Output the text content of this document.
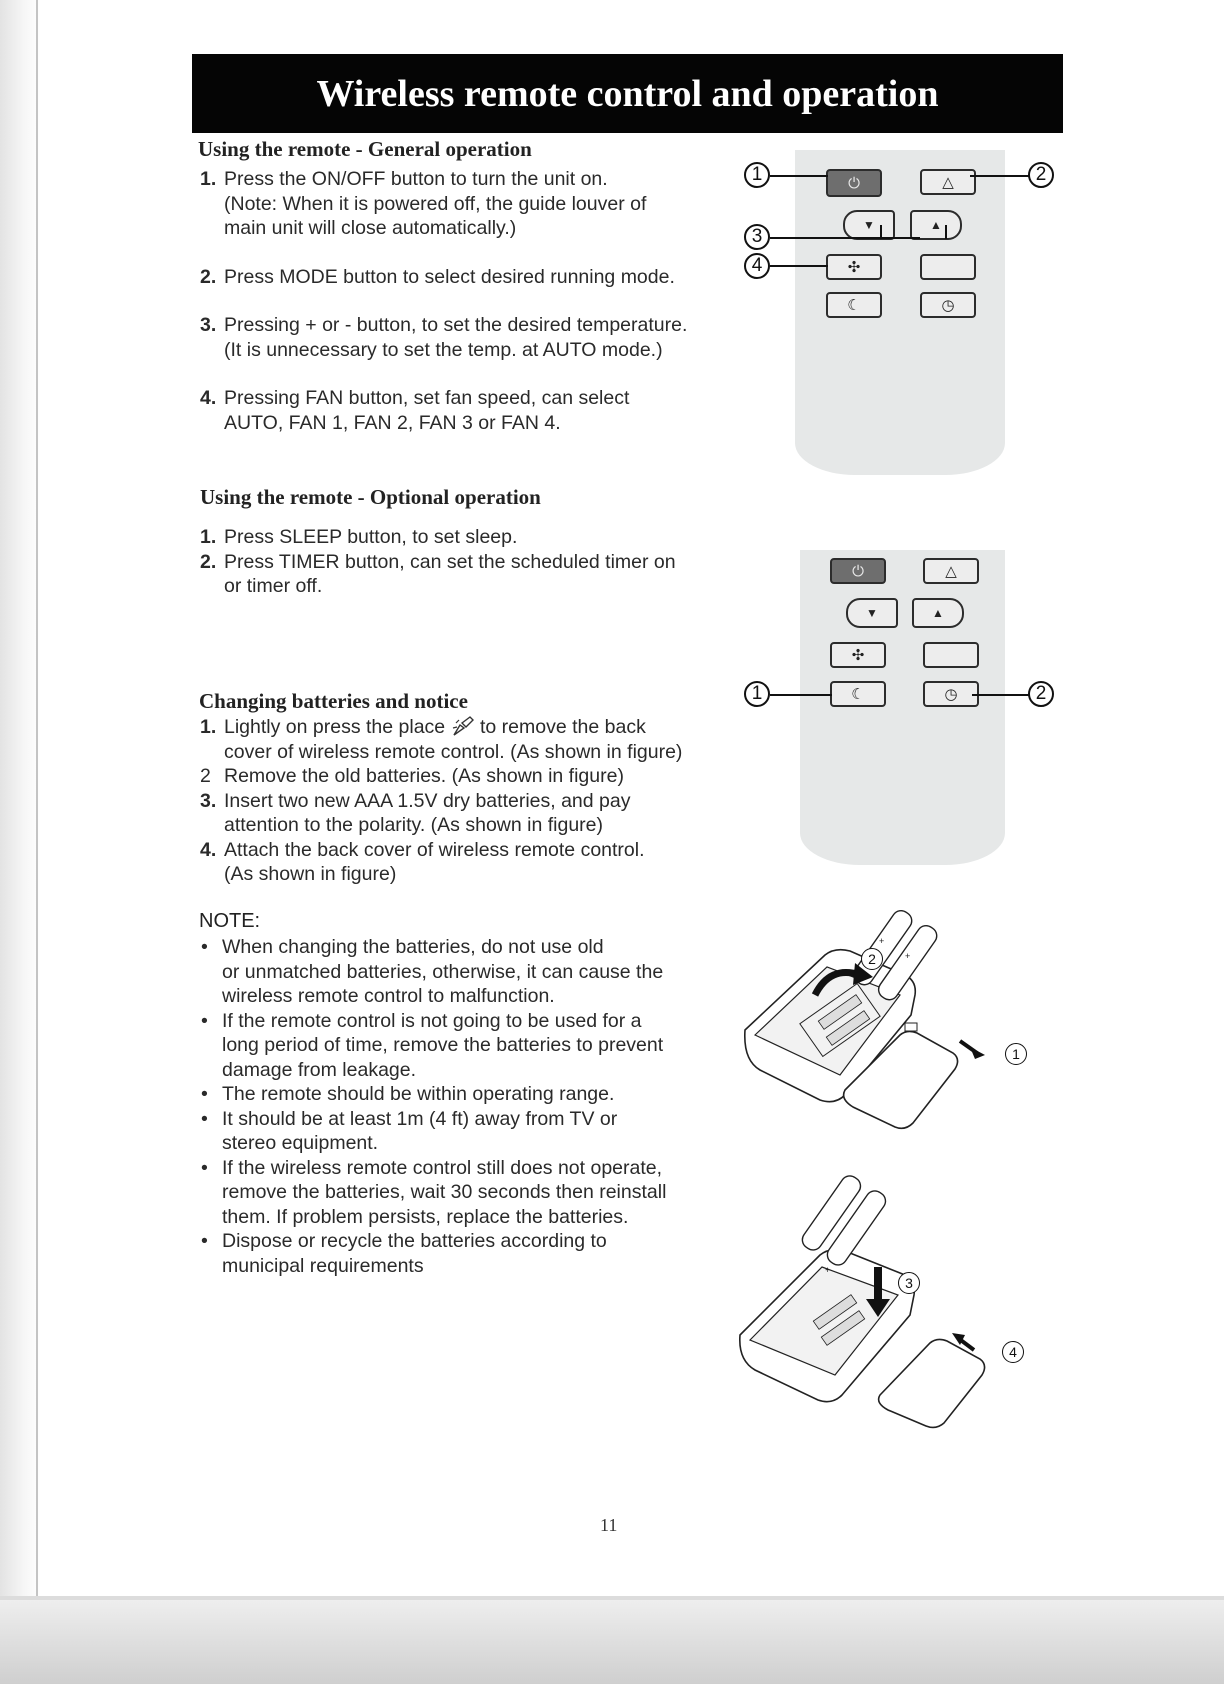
Wireless remote control and operation
Using the remote - General operation
1. Press the ON/OFF button to turn the unit on.
(Note: When it is powered off, the guide louver of
main unit will close automatically.)
2. Press MODE button to select desired running mode.
3. Pressing + or - button, to set the desired temperature.
(It is unnecessary to set the temp. at AUTO mode.)
4. Pressing FAN button, set fan speed, can select
AUTO, FAN 1, FAN 2, FAN 3 or FAN 4.
Using the remote - Optional operation
1. Press SLEEP button, to set sleep.
2. Press TIMER button, can set the scheduled timer on
or timer off.
Changing batteries and notice
1. Lightly on press the place to remove the back
cover of wireless remote control. (As shown in figure)
2 Remove the old batteries. (As shown in figure)
3. Insert two new AAA 1.5V dry batteries, and pay
attention to the polarity. (As shown in figure)
4. Attach the back cover of wireless remote control.
(As shown in figure)
NOTE:
• When changing the batteries, do not use old
or unmatched batteries, otherwise, it can cause the
wireless remote control to malfunction.
• If the remote control is not going to be used for a
long period of time, remove the batteries to prevent
damage from leakage.
• The remote should be within operating range.
• It should be at least 1m (4 ft) away from TV or
stereo equipment.
• If the wireless remote control still does not operate,
remove the batteries, wait 30 seconds then reinstall
them. If problem persists, replace the batteries.
• Dispose or recycle the batteries according to
municipal requirements
⏻	△
▼	▲
✣
☾	◷
1	2
3
4
⏻	△
▼	▲
✣
☾	◷
1	2
+
+
2
1
+
3
4
11
